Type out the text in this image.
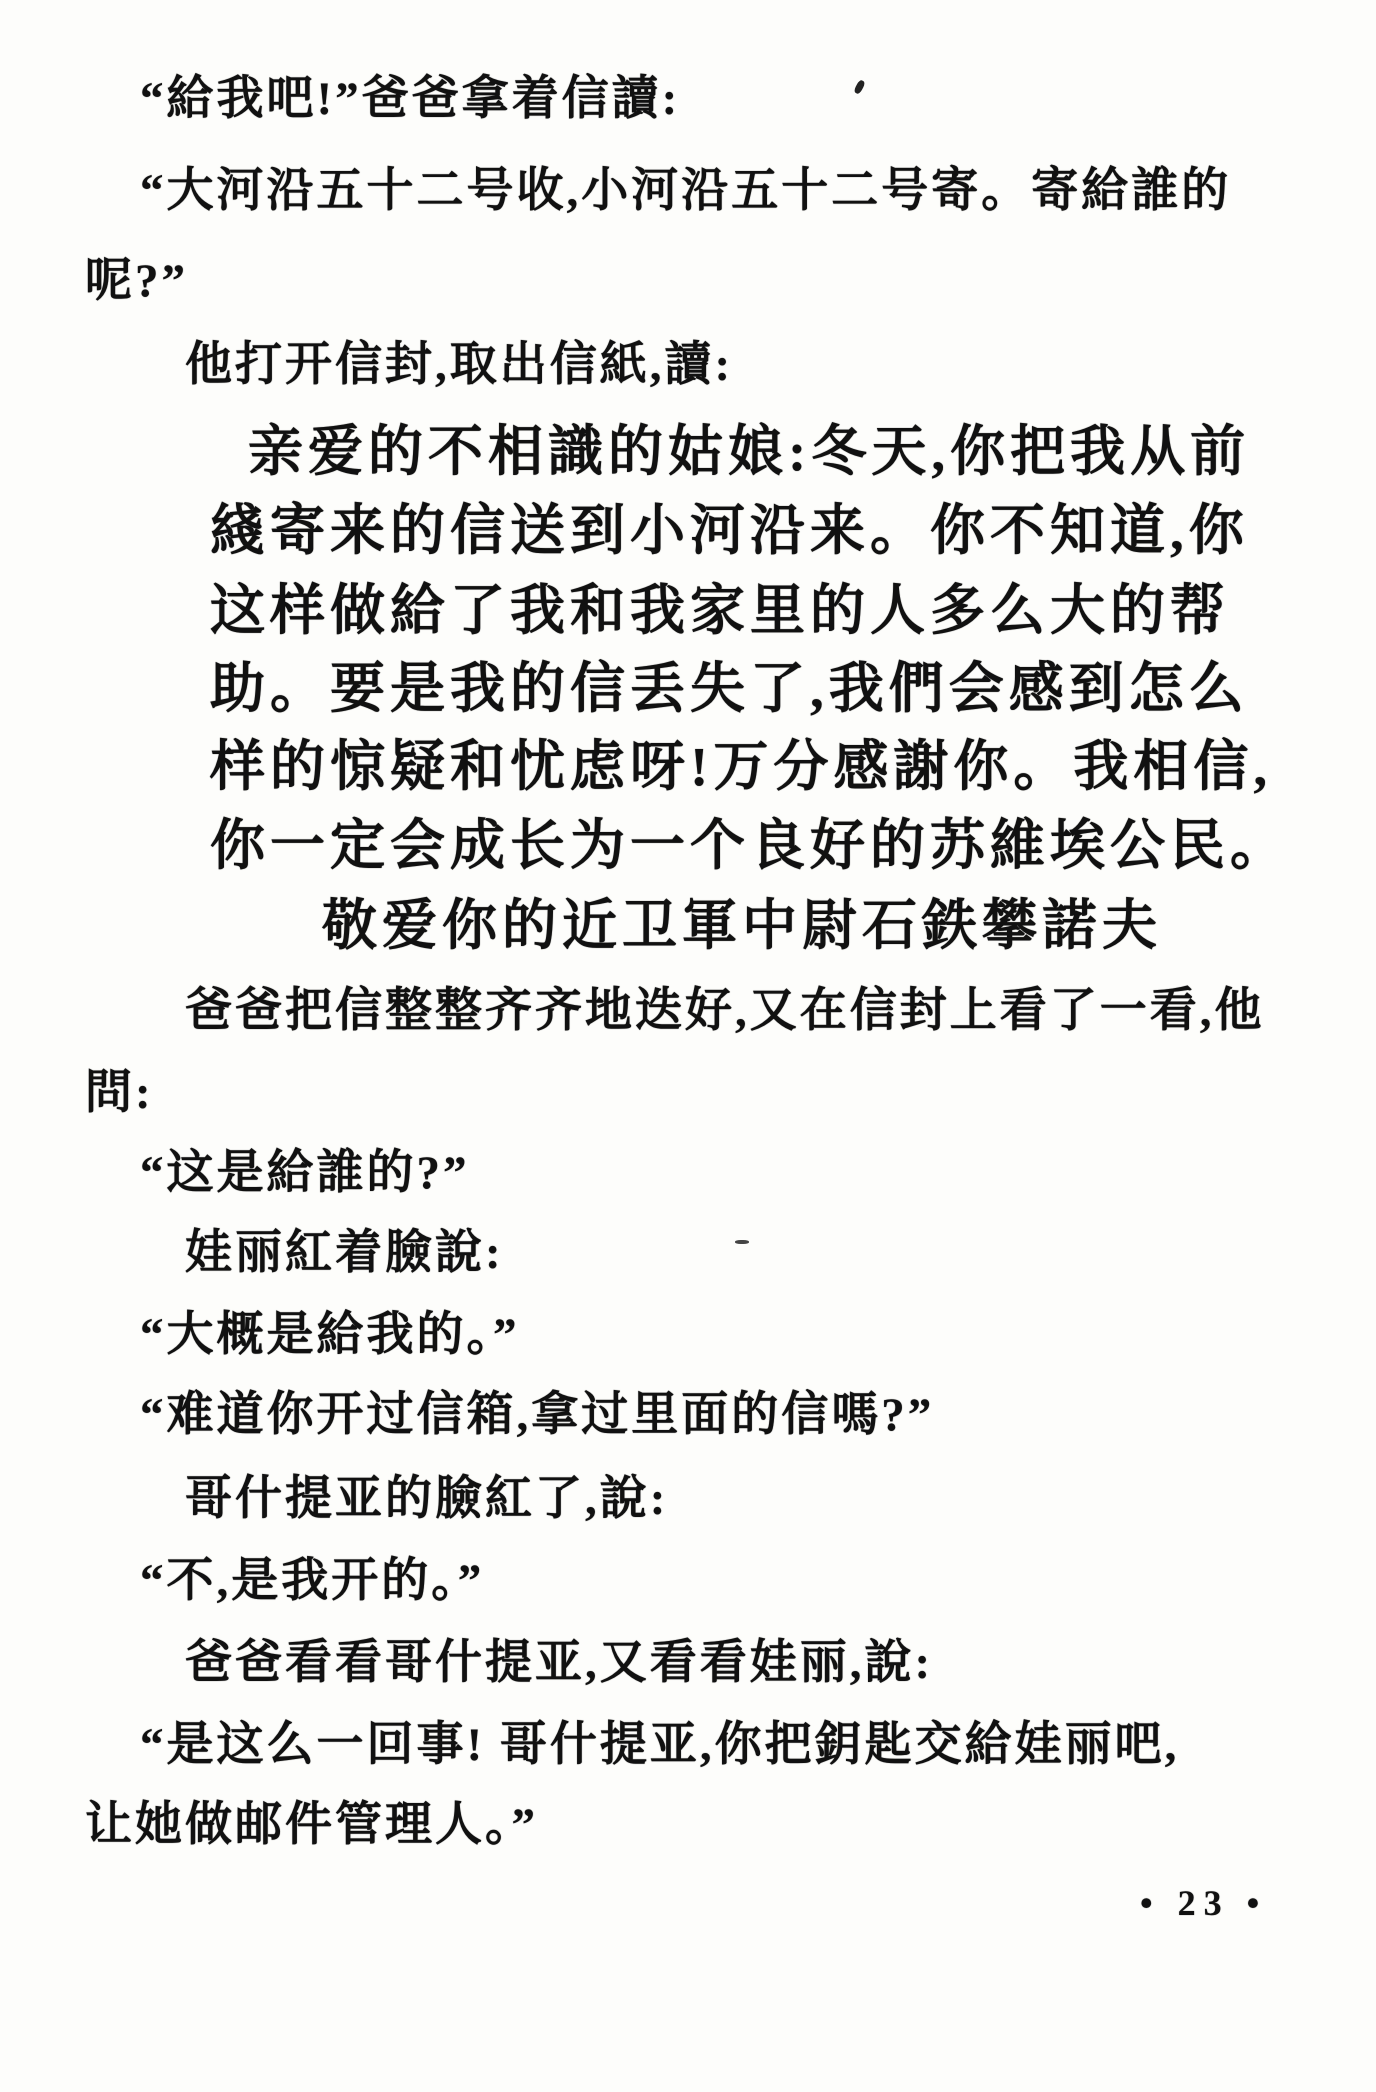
“給我吧!”爸爸拿着信讀:
“大河沿五十二号收,小河沿五十二号寄。寄給誰的
呢?”
他打开信封,取出信紙,讀:
亲爱的不相識的姑娘:冬天,你把我从前
綫寄来的信送到小河沿来。你不知道,你
这样做給了我和我家里的人多么大的帮
助。要是我的信丢失了,我們会感到怎么
样的惊疑和忧虑呀!万分感謝你。我相信,
你一定会成长为一个良好的苏維埃公民。
敬爱你的近卫軍中尉石鉄攀諾夫
爸爸把信整整齐齐地迭好,又在信封上看了一看,他
問:
“这是給誰的?”
娃丽紅着臉說:
“大概是給我的。”
“难道你开过信箱,拿过里面的信嗎?”
哥什提亚的臉紅了,說:
“不,是我开的。”
爸爸看看哥什提亚,又看看娃丽,說:
“是这么一回事! 哥什提亚,你把鈅匙交給娃丽吧,
让她做邮件管理人。”
• 23 •
